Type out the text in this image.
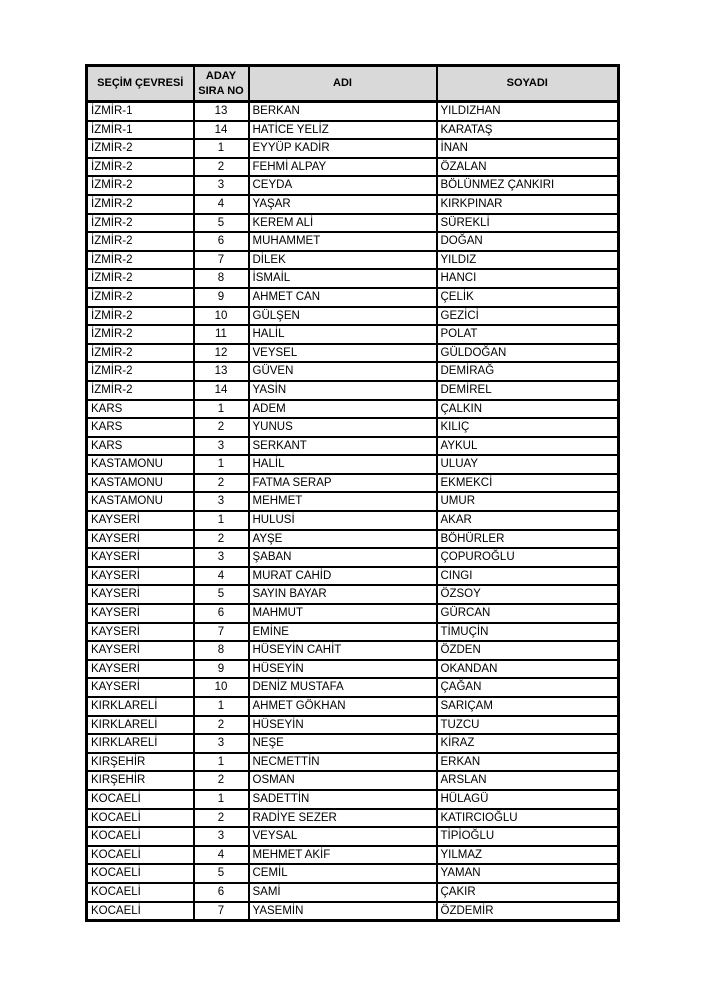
SEÇİM ÇEVRESİ	ADAY SIRA NO	ADI	SOYADI
İZMİR-1	13	BERKAN	YILDIZHAN
İZMİR-1	14	HATİCE YELİZ	KARATAŞ
İZMİR-2	1	EYYÜP KADİR	İNAN
İZMİR-2	2	FEHMİ ALPAY	ÖZALAN
İZMİR-2	3	CEYDA	BÖLÜNMEZ ÇANKIRI
İZMİR-2	4	YAŞAR	KIRKPINAR
İZMİR-2	5	KEREM ALİ	SÜREKLİ
İZMİR-2	6	MUHAMMET	DOĞAN
İZMİR-2	7	DİLEK	YILDIZ
İZMİR-2	8	İSMAİL	HANCI
İZMİR-2	9	AHMET CAN	ÇELİK
İZMİR-2	10	GÜLŞEN	GEZİCİ
İZMİR-2	11	HALİL	POLAT
İZMİR-2	12	VEYSEL	GÜLDOĞAN
İZMİR-2	13	GÜVEN	DEMİRAĞ
İZMİR-2	14	YASİN	DEMİREL
KARS	1	ADEM	ÇALKIN
KARS	2	YUNUS	KILIÇ
KARS	3	SERKANT	AYKUL
KASTAMONU	1	HALİL	ULUAY
KASTAMONU	2	FATMA SERAP	EKMEKCİ
KASTAMONU	3	MEHMET	UMUR
KAYSERİ	1	HULUSİ	AKAR
KAYSERİ	2	AYŞE	BÖHÜRLER
KAYSERİ	3	ŞABAN	ÇOPUROĞLU
KAYSERİ	4	MURAT CAHİD	CINGI
KAYSERİ	5	SAYIN BAYAR	ÖZSOY
KAYSERİ	6	MAHMUT	GÜRCAN
KAYSERİ	7	EMİNE	TİMUÇİN
KAYSERİ	8	HÜSEYİN CAHİT	ÖZDEN
KAYSERİ	9	HÜSEYİN	OKANDAN
KAYSERİ	10	DENİZ MUSTAFA	ÇAĞAN
KIRKLARELİ	1	AHMET GÖKHAN	SARIÇAM
KIRKLARELİ	2	HÜSEYİN	TUZCU
KIRKLARELİ	3	NEŞE	KİRAZ
KIRŞEHİR	1	NECMETTİN	ERKAN
KIRŞEHİR	2	OSMAN	ARSLAN
KOCAELİ	1	SADETTİN	HÜLAGÜ
KOCAELİ	2	RADİYE SEZER	KATIRCIOĞLU
KOCAELİ	3	VEYSAL	TİPİOĞLU
KOCAELİ	4	MEHMET AKİF	YILMAZ
KOCAELİ	5	CEMİL	YAMAN
KOCAELİ	6	SAMİ	ÇAKIR
KOCAELİ	7	YASEMİN	ÖZDEMİR
